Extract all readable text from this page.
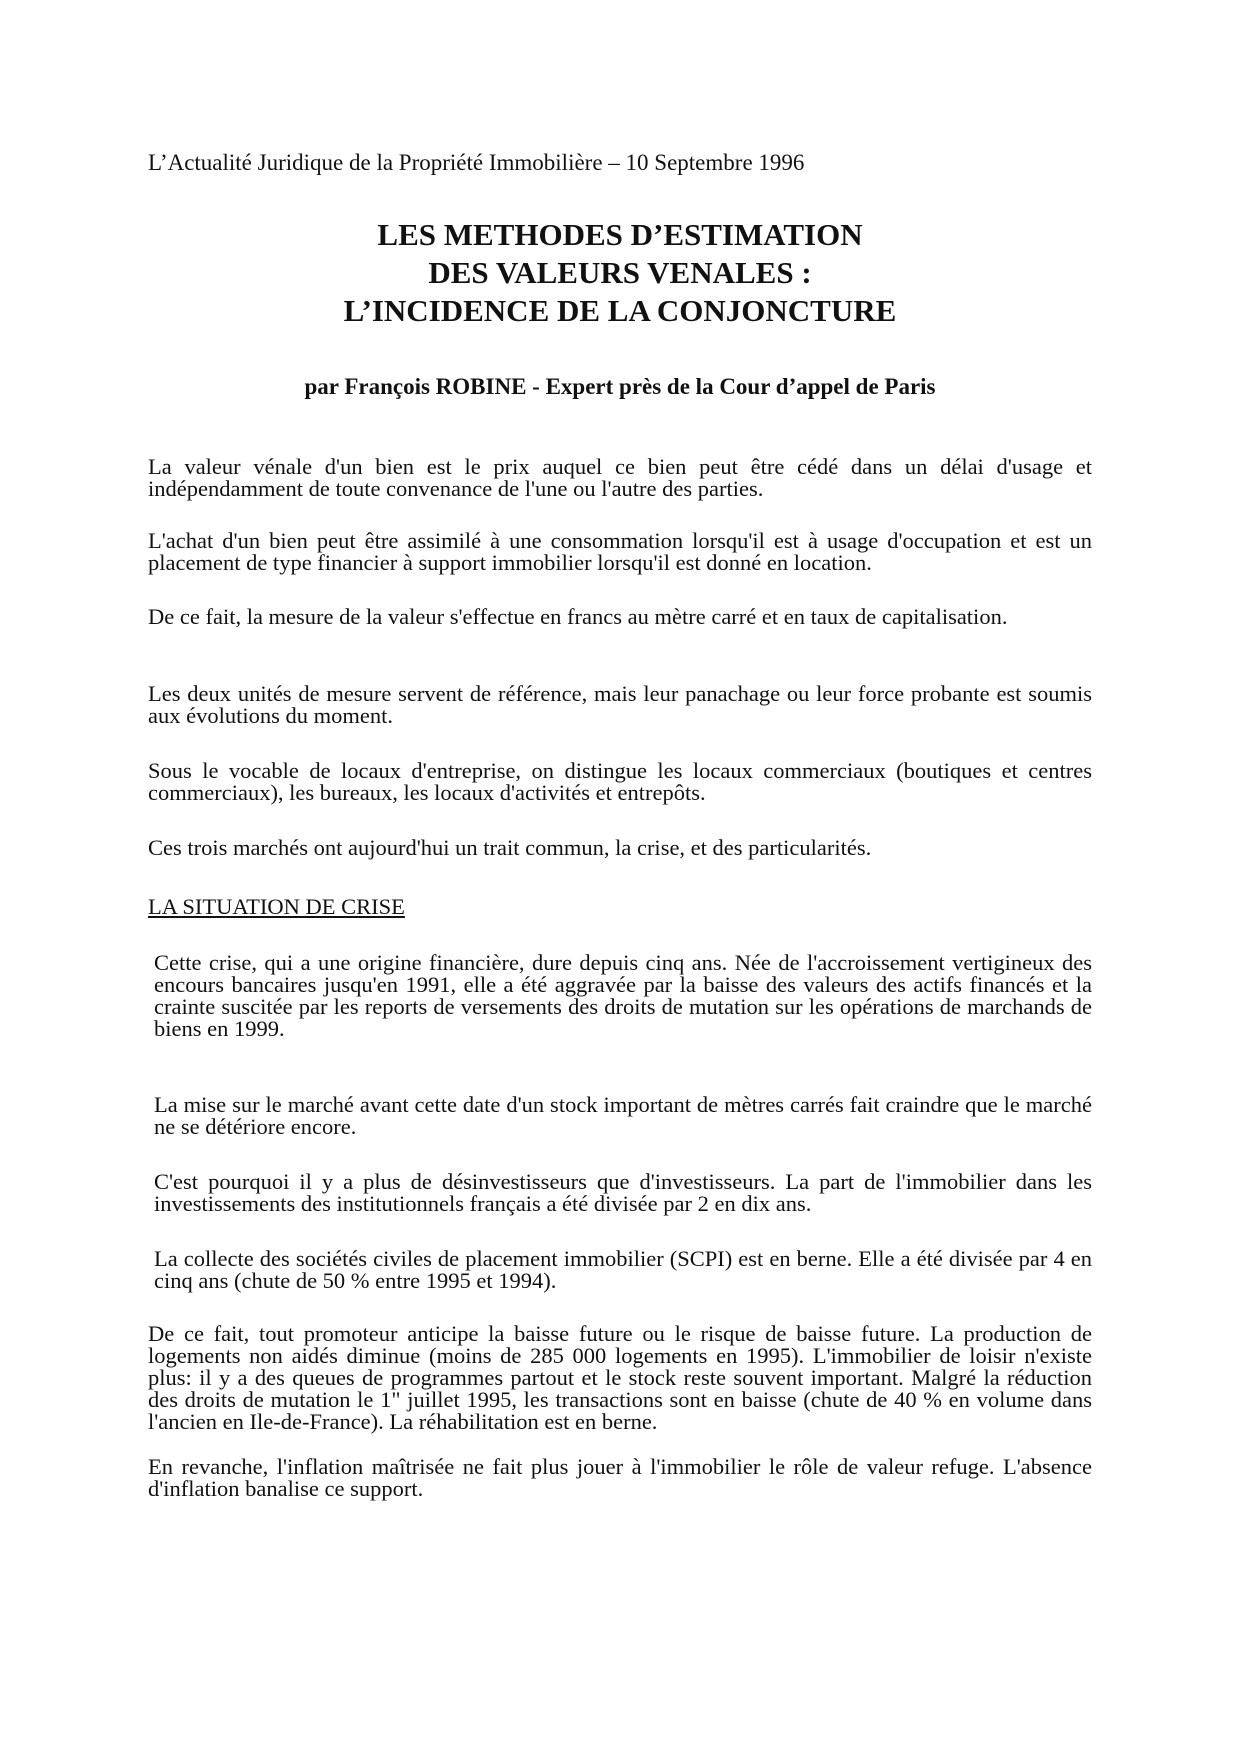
L’Actualité Juridique de la Propriété Immobilière – 10 Septembre 1996
LES METHODES D’ESTIMATION
DES VALEURS VENALES :
L’INCIDENCE DE LA CONJONCTURE
par François ROBINE - Expert près de la Cour d’appel de Paris

La valeur vénale d'un bien est le prix auquel ce bien peut être cédé dans un délai d'usage et indépendamment de toute convenance de l'une ou l'autre des parties.

L'achat d'un bien peut être assimilé à une consommation lorsqu'il est à usage d'occupation et est un placement de type financier à support immobilier lorsqu'il est donné en location.

De ce fait, la mesure de la valeur s'effectue en francs au mètre carré et en taux de capitalisation.

Les deux unités de mesure servent de référence, mais leur panachage ou leur force probante est soumis aux évolutions du moment.

Sous le vocable de locaux d'entreprise, on distingue les locaux commerciaux (boutiques et centres commerciaux), les bureaux, les locaux d'activités et entrepôts.

Ces trois marchés ont aujourd'hui un trait commun, la crise, et des particularités.

LA SITUATION DE CRISE

Cette crise, qui a une origine financière, dure depuis cinq ans. Née de l'accroissement vertigineux des encours bancaires jusqu'en 1991, elle a été aggravée par la baisse des valeurs des actifs financés et la crainte suscitée par les reports de versements des droits de mutation sur les opérations de marchands de biens en 1999.

La mise sur le marché avant cette date d'un stock important de mètres carrés fait craindre que le marché ne se détériore encore.

C'est pourquoi il y a plus de désinvestisseurs que d'investisseurs. La part de l'immobilier dans les investissements des institutionnels français a été divisée par 2 en dix ans.

La collecte des sociétés civiles de placement immobilier (SCPI) est en berne. Elle a été divisée par 4 en cinq ans (chute de 50 % entre 1995 et 1994).

De ce fait, tout promoteur anticipe la baisse future ou le risque de baisse future. La production de logements non aidés diminue (moins de 285 000 logements en 1995). L'immobilier de loisir n'existe plus: il y a des queues de programmes partout et le stock reste souvent important. Malgré la réduction des droits de mutation le 1" juillet 1995, les transactions sont en baisse (chute de 40 % en volume dans l'ancien en Ile-de-France). La réhabilitation est en berne.

En revanche, l'inflation maîtrisée ne fait plus jouer à l'immobilier le rôle de valeur refuge. L'absence d'inflation banalise ce support.
